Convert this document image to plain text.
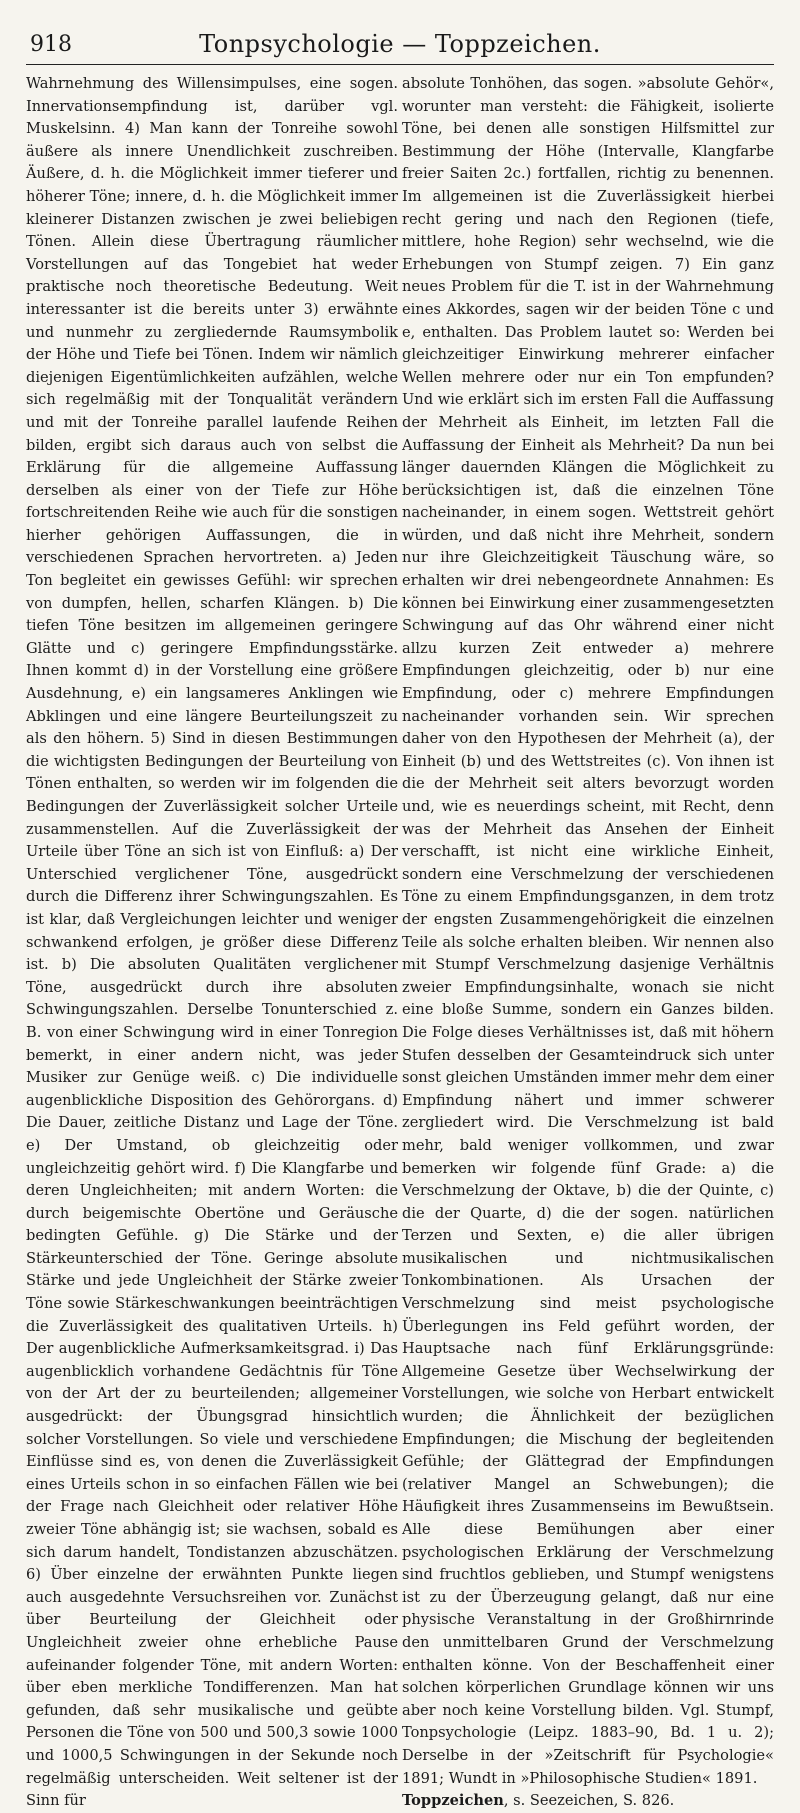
918	Tonpsychologie — Toppzeichen.

Wahrnehmung des Willensimpulses, eine sogen. Innervationsempfindung ist, darüber vgl. Muskelsinn. 4) Man kann der Tonreihe sowohl äußere als innere Unendlichkeit zuschreiben. Äußere, d. h. die Möglichkeit immer tieferer und höherer Töne; innere, d. h. die Möglichkeit immer kleinerer Distanzen zwischen je zwei beliebigen Tönen. Allein diese Übertragung räumlicher Vorstellungen auf das Tongebiet hat weder praktische noch theoretische Bedeutung. Weit interessanter ist die bereits unter 3) erwähnte und nunmehr zu zergliedernde Raumsymbolik der Höhe und Tiefe bei Tönen. Indem wir nämlich diejenigen Eigentümlichkeiten aufzählen, welche sich regelmäßig mit der Tonqualität verändern und mit der Tonreihe parallel laufende Reihen bilden, ergibt sich daraus auch von selbst die Erklärung für die allgemeine Auffassung derselben als einer von der Tiefe zur Höhe fortschreitenden Reihe wie auch für die sonstigen hierher gehörigen Auffassungen, die in verschiedenen Sprachen hervortreten. a) Jeden Ton begleitet ein gewisses Gefühl: wir sprechen von dumpfen, hellen, scharfen Klängen. b) Die tiefen Töne besitzen im allgemeinen geringere Glätte und c) geringere Empfindungsstärke. Ihnen kommt d) in der Vorstellung eine größere Ausdehnung, e) ein langsameres Anklingen wie Abklingen und eine längere Beurteilungszeit zu als den höhern. 5) Sind in diesen Bestimmungen die wichtigsten Bedingungen der Beurteilung von Tönen enthalten, so werden wir im folgenden die Bedingungen der Zuverlässigkeit solcher Urteile zusammenstellen. Auf die Zuverlässigkeit der Urteile über Töne an sich ist von Einfluß: a) Der Unterschied verglichener Töne, ausgedrückt durch die Differenz ihrer Schwingungszahlen. Es ist klar, daß Vergleichungen leichter und weniger schwankend erfolgen, je größer diese Differenz ist. b) Die absoluten Qualitäten verglichener Töne, ausgedrückt durch ihre absoluten Schwingungszahlen. Derselbe Tonunterschied z. B. von einer Schwingung wird in einer Tonregion bemerkt, in einer andern nicht, was jeder Musiker zur Genüge weiß. c) Die individuelle augenblickliche Disposition des Gehörorgans. d) Die Dauer, zeitliche Distanz und Lage der Töne. e) Der Umstand, ob gleichzeitig oder ungleichzeitig gehört wird. f) Die Klangfarbe und deren Ungleichheiten; mit andern Worten: die durch beigemischte Obertöne und Geräusche bedingten Gefühle. g) Die Stärke und der Stärkeunterschied der Töne. Geringe absolute Stärke und jede Ungleichheit der Stärke zweier Töne sowie Stärkeschwankungen beeinträchtigen die Zuverlässigkeit des qualitativen Urteils. h) Der augenblickliche Aufmerksamkeitsgrad. i) Das augenblicklich vorhandene Gedächtnis für Töne von der Art der zu beurteilenden; allgemeiner ausgedrückt: der Übungsgrad hinsichtlich solcher Vorstellungen. So viele und verschiedene Einflüsse sind es, von denen die Zuverlässigkeit eines Urteils schon in so einfachen Fällen wie bei der Frage nach Gleichheit oder relativer Höhe zweier Töne abhängig ist; sie wachsen, sobald es sich darum handelt, Tondistanzen abzuschätzen. 6) Über einzelne der erwähnten Punkte liegen auch ausgedehnte Versuchsreihen vor. Zunächst über Beurteilung der Gleichheit oder Ungleichheit zweier ohne erhebliche Pause aufeinander folgender Töne, mit andern Worten: über eben merkliche Tondifferenzen. Man hat gefunden, daß sehr musikalische und geübte Personen die Töne von 500 und 500,3 sowie 1000 und 1000,5 Schwingungen in der Sekunde noch regelmäßig unterscheiden. Weit seltener ist der Sinn für

absolute Tonhöhen, das sogen. »absolute Gehör«, worunter man versteht: die Fähigkeit, isolierte Töne, bei denen alle sonstigen Hilfsmittel zur Bestimmung der Höhe (Intervalle, Klangfarbe freier Saiten 2c.) fortfallen, richtig zu benennen. Im allgemeinen ist die Zuverlässigkeit hierbei recht gering und nach den Regionen (tiefe, mittlere, hohe Region) sehr wechselnd, wie die Erhebungen von Stumpf zeigen. 7) Ein ganz neues Problem für die T. ist in der Wahrnehmung eines Akkordes, sagen wir der beiden Töne c und e, enthalten. Das Problem lautet so: Werden bei gleichzeitiger Einwirkung mehrerer einfacher Wellen mehrere oder nur ein Ton empfunden? Und wie erklärt sich im ersten Fall die Auffassung der Mehrheit als Einheit, im letzten Fall die Auffassung der Einheit als Mehrheit? Da nun bei länger dauernden Klängen die Möglichkeit zu berücksichtigen ist, daß die einzelnen Töne nacheinander, in einem sogen. Wettstreit gehört würden, und daß nicht ihre Mehrheit, sondern nur ihre Gleichzeitigkeit Täuschung wäre, so erhalten wir drei nebengeordnete Annahmen: Es können bei Einwirkung einer zusammengesetzten Schwingung auf das Ohr während einer nicht allzu kurzen Zeit entweder a) mehrere Empfindungen gleichzeitig, oder b) nur eine Empfindung, oder c) mehrere Empfindungen nacheinander vorhanden sein. Wir sprechen daher von den Hypothesen der Mehrheit (a), der Einheit (b) und des Wettstreites (c). Von ihnen ist die der Mehrheit seit alters bevorzugt worden und, wie es neuerdings scheint, mit Recht, denn was der Mehrheit das Ansehen der Einheit verschafft, ist nicht eine wirkliche Einheit, sondern eine Verschmelzung der verschiedenen Töne zu einem Empfindungsganzen, in dem trotz der engsten Zusammengehörigkeit die einzelnen Teile als solche erhalten bleiben. Wir nennen also mit Stumpf Verschmelzung dasjenige Verhältnis zweier Empfindungsinhalte, wonach sie nicht eine bloße Summe, sondern ein Ganzes bilden. Die Folge dieses Verhältnisses ist, daß mit höhern Stufen desselben der Gesamteindruck sich unter sonst gleichen Umständen immer mehr dem einer Empfindung nähert und immer schwerer zergliedert wird. Die Verschmelzung ist bald mehr, bald weniger vollkommen, und zwar bemerken wir folgende fünf Grade: a) die Verschmelzung der Oktave, b) die der Quinte, c) die der Quarte, d) die der sogen. natürlichen Terzen und Sexten, e) die aller übrigen musikalischen und nichtmusikalischen Tonkombinationen. Als Ursachen der Verschmelzung sind meist psychologische Überlegungen ins Feld geführt worden, der Hauptsache nach fünf Erklärungsgründe: Allgemeine Gesetze über Wechselwirkung der Vorstellungen, wie solche von Herbart entwickelt wurden; die Ähnlichkeit der bezüglichen Empfindungen; die Mischung der begleitenden Gefühle; der Glättegrad der Empfindungen (relativer Mangel an Schwebungen); die Häufigkeit ihres Zusammenseins im Bewußtsein. Alle diese Bemühungen aber einer psychologischen Erklärung der Verschmelzung sind fruchtlos geblieben, und Stumpf wenigstens ist zu der Überzeugung gelangt, daß nur eine physische Veranstaltung in der Großhirnrinde den unmittelbaren Grund der Verschmelzung enthalten könne. Von der Beschaffenheit einer solchen körperlichen Grundlage können wir uns aber noch keine Vorstellung bilden. Vgl. Stumpf, Tonpsychologie (Leipz. 1883–90, Bd. 1 u. 2); Derselbe in der »Zeitschrift für Psychologie« 1891; Wundt in »Philosophische Studien« 1891.

Toppzeichen, s. Seezeichen, S. 826.
